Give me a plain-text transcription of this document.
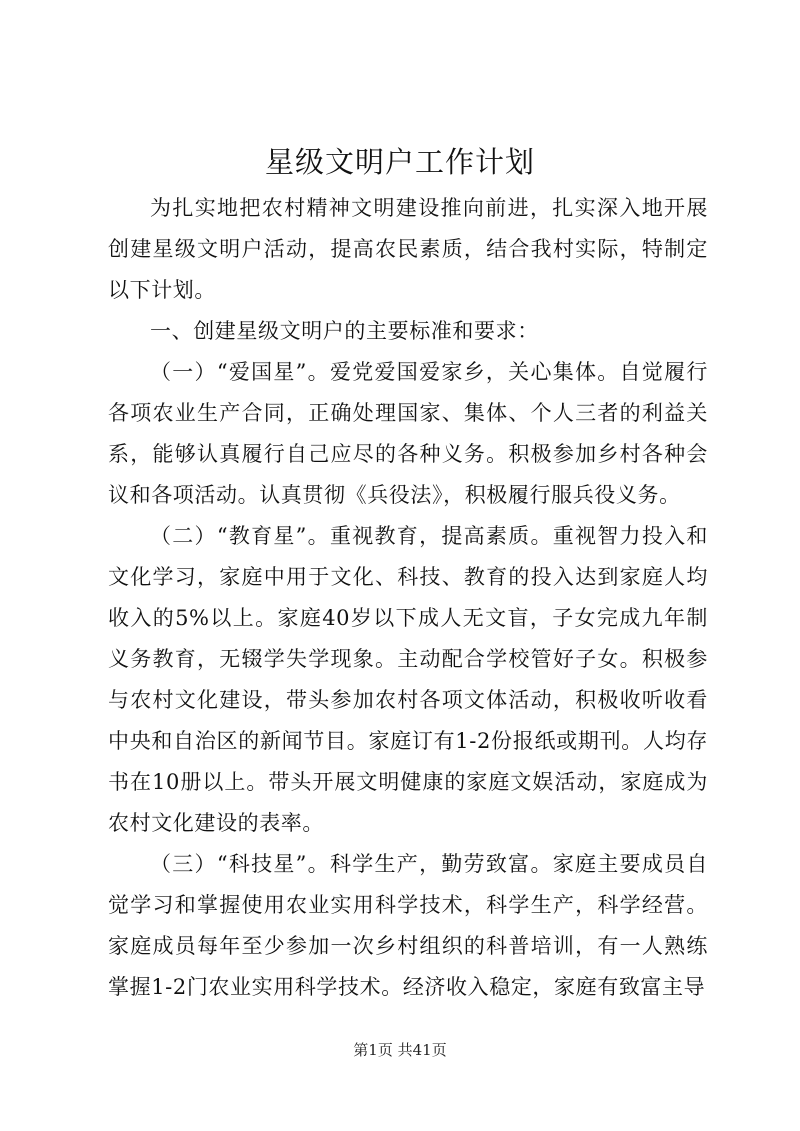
星级文明户工作计划

为扎实地把农村精神文明建设推向前进，扎实深入地开展创建星级文明户活动，提高农民素质，结合我村实际，特制定以下计划。

一、创建星级文明户的主要标准和要求：

（一）“爱国星”。爱党爱国爱家乡，关心集体。自觉履行各项农业生产合同，正确处理国家、集体、个人三者的利益关系，能够认真履行自己应尽的各种义务。积极参加乡村各种会议和各项活动。认真贯彻《兵役法》，积极履行服兵役义务。

（二）“教育星”。重视教育，提高素质。重视智力投入和文化学习，家庭中用于文化、科技、教育的投入达到家庭人均收入的5%以上。家庭40岁以下成人无文盲，子女完成九年制义务教育，无辍学失学现象。主动配合学校管好子女。积极参与农村文化建设，带头参加农村各项文体活动，积极收听收看中央和自治区的新闻节目。家庭订有1-2份报纸或期刊。人均存书在10册以上。带头开展文明健康的家庭文娱活动，家庭成为农村文化建设的表率。

（三）“科技星”。科学生产，勤劳致富。家庭主要成员自觉学习和掌握使用农业实用科学技术，科学生产，科学经营。家庭成员每年至少参加一次乡村组织的科普培训，有一人熟练掌握1-2门农业实用科学技术。经济收入稳定，家庭有致富主导

第1页 共41页
